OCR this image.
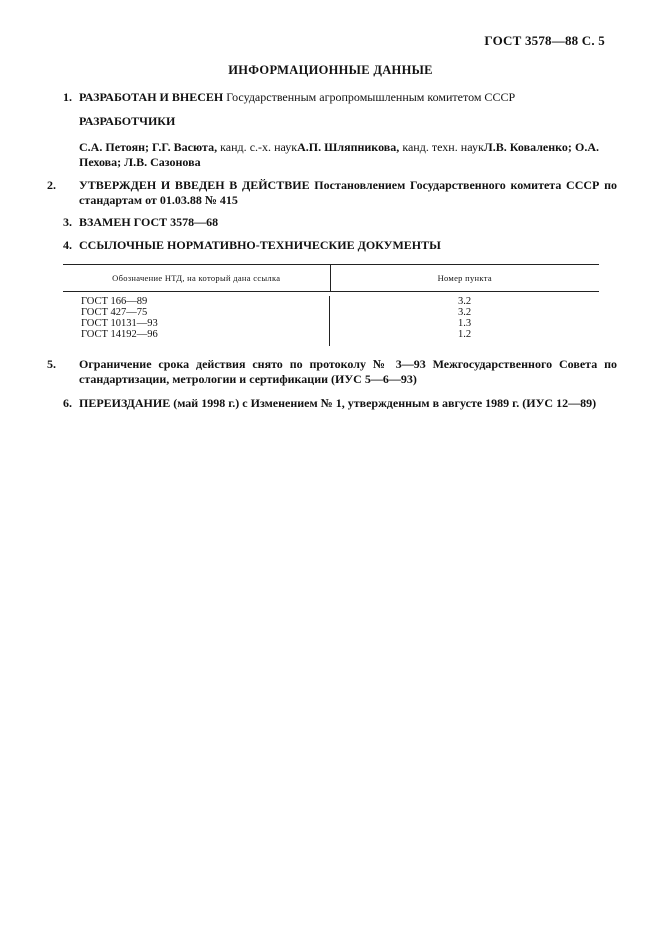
ГОСТ 3578—88 С. 5
ИНФОРМАЦИОННЫЕ ДАННЫЕ
1. РАЗРАБОТАН И ВНЕСЕН Государственным агропромышленным комитетом СССР
РАЗРАБОТЧИКИ
С.А. Петоян; Г.Г. Васюта, канд. с.-х. наукА.П. Шляпникова, канд. техн. наукЛ.В. Коваленко; О.А. Пехова; Л.В. Сазонова
2. УТВЕРЖДЕН И ВВЕДЕН В ДЕЙСТВИЕ Постановлением Государственного комитета СССР по стандартам от 01.03.88 № 415
3. ВЗАМЕН ГОСТ 3578—68
4. ССЫЛОЧНЫЕ НОРМАТИВНО-ТЕХНИЧЕСКИЕ ДОКУМЕНТЫ
Обозначение НТД, на который дана ссылка	Номер пункта
ГОСТ 166—89
ГОСТ 427—75
ГОСТ 10131—93
ГОСТ 14192—96
3.2
3.2
1.3
1.2
5. Ограничение срока действия снято по протоколу № 3—93 Межгосударственного Совета по стандартизации, метрологии и сертификации (ИУС 5—6—93)
6. ПЕРЕИЗДАНИЕ (май 1998 г.) с Изменением № 1, утвержденным в августе 1989 г. (ИУС 12—89)
